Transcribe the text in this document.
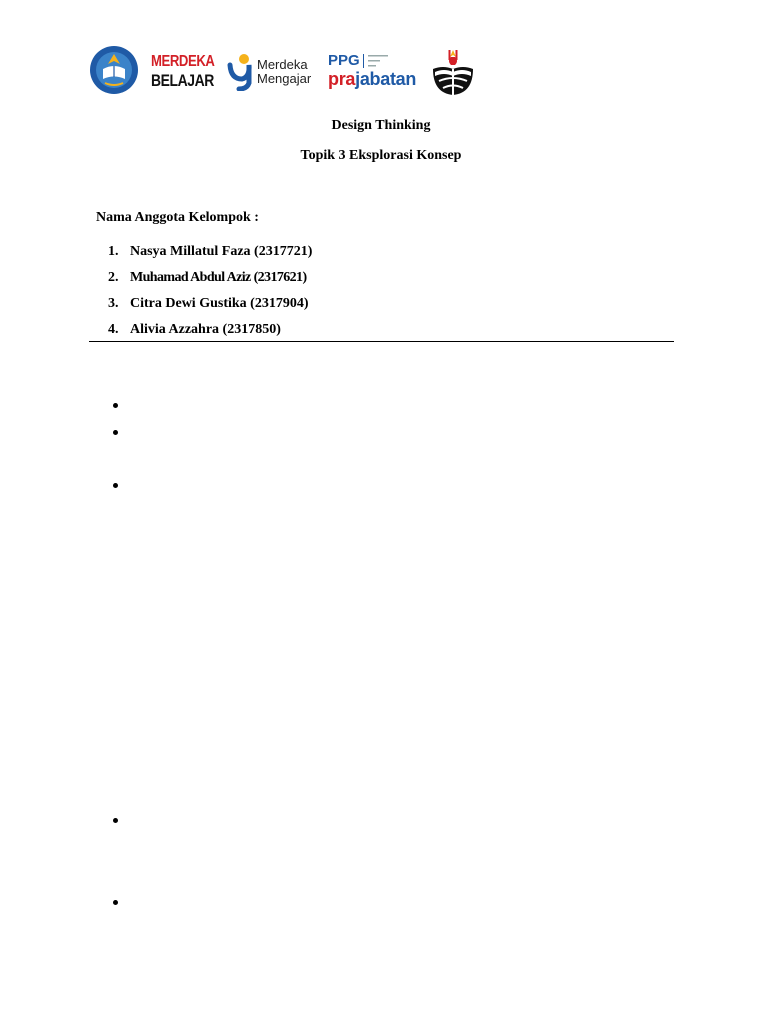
MERDEKA
BELAJAR
Merdeka
Mengajar
PPG
prajabatan
Design Thinking
Topik 3 Eksplorasi Konsep
Nama Anggota Kelompok :
1. Nasya Millatul Faza (2317721)
2. Muhamad Abdul Aziz (2317621)
3. Citra Dewi Gustika (2317904)
4. Alivia Azzahra (2317850)
